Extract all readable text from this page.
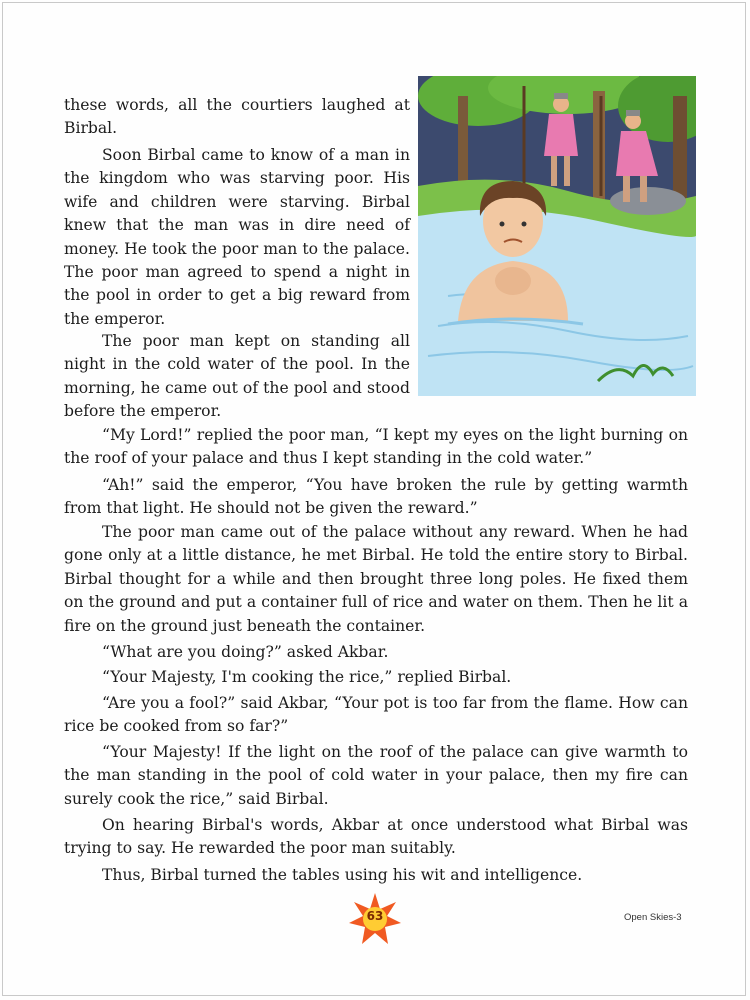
these words, all the courtiers laughed at Birbal.

Soon Birbal came to know of a man in the kingdom who was starving poor. His wife and children were starving. Birbal knew that the man was in dire need of money. He took the poor man to the palace. The poor man agreed to spend a night in the pool in order to get a big reward from the emperor.

The poor man kept on standing all night in the cold water of the pool. In the morning, he came out of the pool and stood before the emperor.

“My Lord!” replied the poor man, “I kept my eyes on the light burning on the roof of your palace and thus I kept standing in the cold water.”

“Ah!” said the emperor, “You have broken the rule by getting warmth from that light. He should not be given the reward.”

The poor man came out of the palace without any reward. When he had gone only at a little distance, he met Birbal. He told the entire story to Birbal. Birbal thought for a while and then brought three long poles. He fixed them on the ground and put a container full of rice and water on them. Then he lit a fire on the ground just beneath the container.

“What are you doing?” asked Akbar.

“Your Majesty, I'm cooking the rice,” replied Birbal.

“Are you a fool?” said Akbar, “Your pot is too far from the flame. How can rice be cooked from so far?”

“Your Majesty! If the light on the roof of the palace can give warmth to the man standing in the pool of cold water in your palace, then my fire can surely cook the rice,” said Birbal.

On hearing Birbal's words, Akbar at once understood what Birbal was trying to say. He rewarded the poor man suitably.

Thus, Birbal turned the tables using his wit and intelligence.

63	Open Skies-3
